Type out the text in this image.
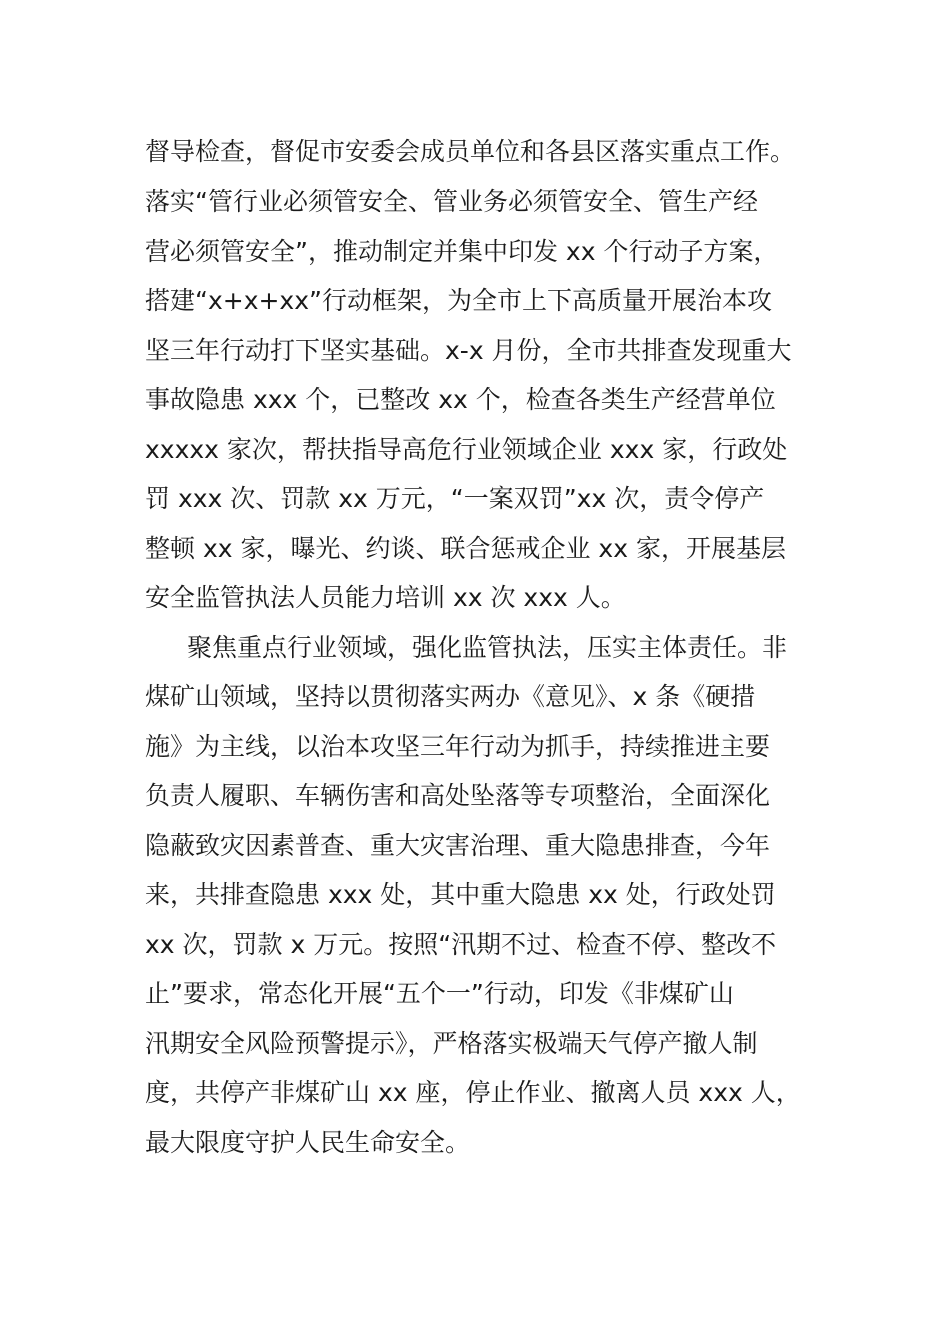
督导检查，督促市安委会成员单位和各县区落实重点工作。
落实“管行业必须管安全、管业务必须管安全、管生产经
营必须管安全”，推动制定并集中印发 xx 个行动子方案，
搭建“x+x+xx”行动框架，为全市上下高质量开展治本攻
坚三年行动打下坚实基础。x-x 月份，全市共排查发现重大
事故隐患 xxx 个，已整改 xx 个，检查各类生产经营单位
xxxxx 家次，帮扶指导高危行业领域企业 xxx 家，行政处
罚 xxx 次、罚款 xx 万元，“一案双罚”xx 次，责令停产
整顿 xx 家，曝光、约谈、联合惩戒企业 xx 家，开展基层
安全监管执法人员能力培训 xx 次 xxx 人。
聚焦重点行业领域，强化监管执法，压实主体责任。非
煤矿山领域，坚持以贯彻落实两办《意见》、x 条《硬措
施》为主线，以治本攻坚三年行动为抓手，持续推进主要
负责人履职、车辆伤害和高处坠落等专项整治，全面深化
隐蔽致灾因素普查、重大灾害治理、重大隐患排查，今年
来，共排查隐患 xxx 处，其中重大隐患 xx 处，行政处罚
xx 次，罚款 x 万元。按照“汛期不过、检查不停、整改不
止”要求，常态化开展“五个一”行动，印发《非煤矿山
汛期安全风险预警提示》，严格落实极端天气停产撤人制
度，共停产非煤矿山 xx 座，停止作业、撤离人员 xxx 人，
最大限度守护人民生命安全。
